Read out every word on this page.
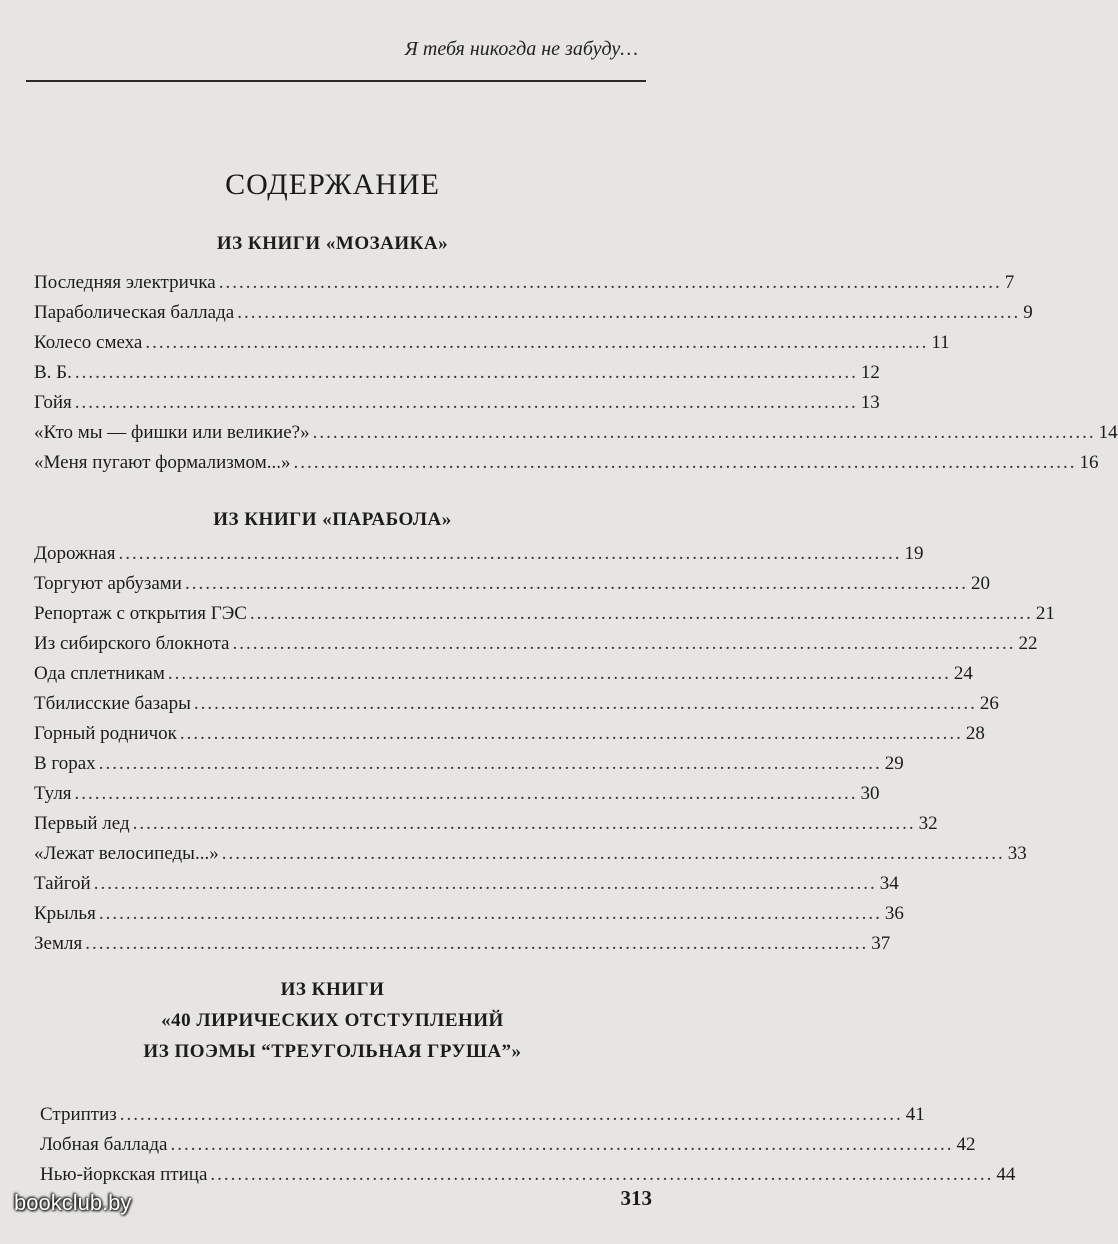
Я тебя никогда не забуду…
СОДЕРЖАНИЕ
ИЗ КНИГИ «МОЗАИКА»
Последняя электричка .................................................................................................................... 7
Параболическая баллада .................................................................................................................... 9
Колесо смеха .................................................................................................................... 11
В. Б. .................................................................................................................... 12
Гойя .................................................................................................................... 13
«Кто мы — фишки или великие?» .................................................................................................................... 14
«Меня пугают формализмом...» .................................................................................................................... 16
ИЗ КНИГИ «ПАРАБОЛА»
Дорожная .................................................................................................................... 19
Торгуют арбузами .................................................................................................................... 20
Репортаж с открытия ГЭС .................................................................................................................... 21
Из сибирского блокнота .................................................................................................................... 22
Ода сплетникам .................................................................................................................... 24
Тбилисские базары .................................................................................................................... 26
Горный родничок .................................................................................................................... 28
В горах .................................................................................................................... 29
Туля .................................................................................................................... 30
Первый лед .................................................................................................................... 32
«Лежат велосипеды...» .................................................................................................................... 33
Тайгой .................................................................................................................... 34
Крылья .................................................................................................................... 36
Земля .................................................................................................................... 37
ИЗ КНИГИ
«40 ЛИРИЧЕСКИХ ОТСТУПЛЕНИЙ
ИЗ ПОЭМЫ “ТРЕУГОЛЬНАЯ ГРУША”»
Стриптиз .................................................................................................................... 41
Лобная баллада .................................................................................................................... 42
Нью-йоркская птица .................................................................................................................... 44
313
bookclub.by
